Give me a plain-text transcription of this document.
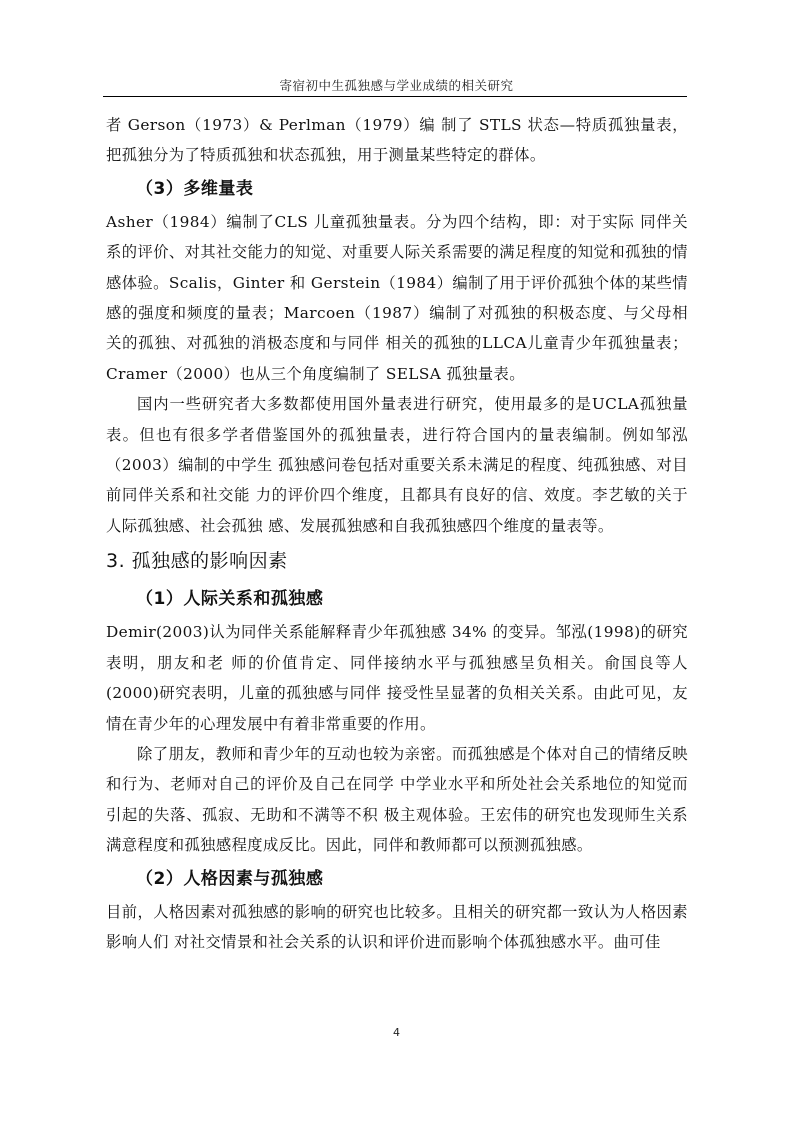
寄宿初中生孤独感与学业成绩的相关研究

者 Gerson（1973）& Perlman（1979）编 制了 STLS 状态—特质孤独量表，把孤独分为了特质孤独和状态孤独，用于测量某些特定的群体。

（3）多维量表

Asher（1984）编制了CLS 儿童孤独量表。分为四个结构，即：对于实际 同伴关系的评价、对其社交能力的知觉、对重要人际关系需要的满足程度的知觉和孤独的情感体验。Scalis，Ginter 和 Gerstein（1984）编制了用于评价孤独个体的某些情感的强度和频度的量表；Marcoen（1987）编制了对孤独的积极态度、与父母相关的孤独、对孤独的消极态度和与同伴 相关的孤独的LLCA儿童青少年孤独量表；Cramer（2000）也从三个角度编制了 SELSA 孤独量表。

国内一些研究者大多数都使用国外量表进行研究，使用最多的是UCLA孤独量表。但也有很多学者借鉴国外的孤独量表，进行符合国内的量表编制。例如邹泓（2003）编制的中学生 孤独感问卷包括对重要关系未满足的程度、纯孤独感、对目前同伴关系和社交能 力的评价四个维度，且都具有良好的信、效度。李艺敏的关于人际孤独感、社会孤独 感、发展孤独感和自我孤独感四个维度的量表等。

3. 孤独感的影响因素
（1）人际关系和孤独感

Demir(2003)认为同伴关系能解释青少年孤独感 34% 的变异。邹泓(1998)的研究表明，朋友和老 师的价值肯定、同伴接纳水平与孤独感呈负相关。俞国良等人(2000)研究表明，儿童的孤独感与同伴 接受性呈显著的负相关关系。由此可见，友情在青少年的心理发展中有着非常重要的作用。

除了朋友，教师和青少年的互动也较为亲密。而孤独感是个体对自己的情绪反映和行为、老师对自己的评价及自己在同学 中学业水平和所处社会关系地位的知觉而引起的失落、孤寂、无助和不满等不积 极主观体验。王宏伟的研究也发现师生关系满意程度和孤独感程度成反比。因此，同伴和教师都可以预测孤独感。

（2）人格因素与孤独感

目前，人格因素对孤独感的影响的研究也比较多。且相关的研究都一致认为人格因素影响人们 对社交情景和社会关系的认识和评价进而影响个体孤独感水平。曲可佳

4
